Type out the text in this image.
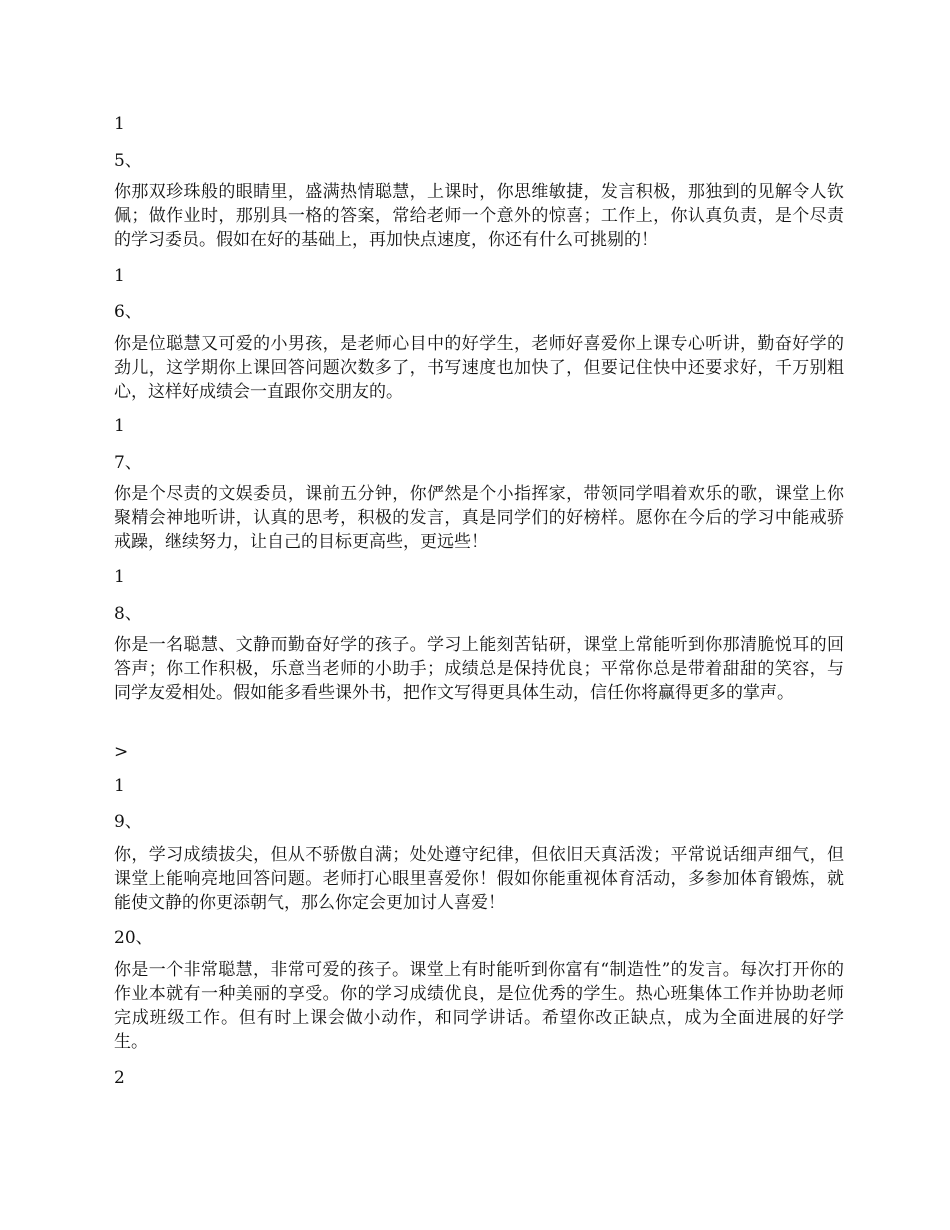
1

5、

你那双珍珠般的眼睛里，盛满热情聪慧，上课时，你思维敏捷，发言积极，那独到的见解令人钦佩；做作业时，那别具一格的答案，常给老师一个意外的惊喜；工作上，你认真负责，是个尽责的学习委员。假如在好的基础上，再加快点速度，你还有什么可挑剔的！

1

6、

你是位聪慧又可爱的小男孩，是老师心目中的好学生，老师好喜爱你上课专心听讲，勤奋好学的劲儿，这学期你上课回答问题次数多了，书写速度也加快了，但要记住快中还要求好，千万别粗心，这样好成绩会一直跟你交朋友的。

1

7、

你是个尽责的文娱委员，课前五分钟，你俨然是个小指挥家，带领同学唱着欢乐的歌，课堂上你聚精会神地听讲，认真的思考，积极的发言，真是同学们的好榜样。愿你在今后的学习中能戒骄戒躁，继续努力，让自己的目标更高些，更远些！

1

8、

你是一名聪慧、文静而勤奋好学的孩子。学习上能刻苦钻研，课堂上常能听到你那清脆悦耳的回答声；你工作积极，乐意当老师的小助手；成绩总是保持优良；平常你总是带着甜甜的笑容，与同学友爱相处。假如能多看些课外书，把作文写得更具体生动，信任你将赢得更多的掌声。

>

1

9、

你，学习成绩拔尖，但从不骄傲自满；处处遵守纪律，但依旧天真活泼；平常说话细声细气，但课堂上能响亮地回答问题。老师打心眼里喜爱你！假如你能重视体育活动，多参加体育锻炼，就能使文静的你更添朝气，那么你定会更加讨人喜爱！

20、

你是一个非常聪慧，非常可爱的孩子。课堂上有时能听到你富有“制造性”的发言。每次打开你的作业本就有一种美丽的享受。你的学习成绩优良，是位优秀的学生。热心班集体工作并协助老师完成班级工作。但有时上课会做小动作，和同学讲话。希望你改正缺点，成为全面进展的好学生。

2
